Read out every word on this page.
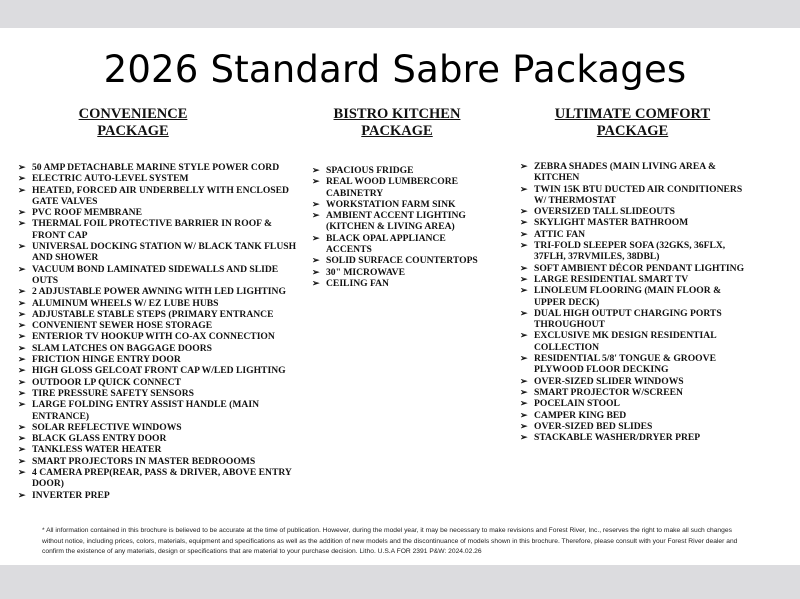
2026 Standard Sabre Packages
CONVENIENCE
PACKAGE
➢ 50 AMP DETACHABLE MARINE STYLE POWER CORD
➢ ELECTRIC AUTO-LEVEL SYSTEM
➢ HEATED, FORCED AIR UNDERBELLY WITH ENCLOSED GATE VALVES
➢ PVC ROOF MEMBRANE
➢ THERMAL FOIL PROTECTIVE BARRIER IN ROOF & FRONT CAP
➢ UNIVERSAL DOCKING STATION W/ BLACK TANK FLUSH AND SHOWER
➢ VACUUM BOND LAMINATED SIDEWALLS AND SLIDE OUTS
➢ 2 ADJUSTABLE POWER AWNING WITH LED LIGHTING
➢ ALUMINUM WHEELS W/ EZ LUBE HUBS
➢ ADJUSTABLE STABLE STEPS (PRIMARY ENTRANCE
➢ CONVENIENT SEWER HOSE STORAGE
➢ ENTERIOR TV HOOKUP WITH CO-AX CONNECTION
➢ SLAM LATCHES ON BAGGAGE DOORS
➢ FRICTION HINGE ENTRY DOOR
➢ HIGH GLOSS GELCOAT FRONT CAP W/LED LIGHTING
➢ OUTDOOR LP QUICK CONNECT
➢ TIRE PRESSURE SAFETY SENSORS
➢ LARGE FOLDING ENTRY ASSIST HANDLE (MAIN ENTRANCE)
➢ SOLAR REFLECTIVE WINDOWS
➢ BLACK GLASS ENTRY DOOR
➢ TANKLESS WATER HEATER
➢ SMART PROJECTORS IN MASTER BEDROOOMS
➢ 4 CAMERA PREP(REAR, PASS & DRIVER, ABOVE ENTRY DOOR)
➢ INVERTER PREP
BISTRO KITCHEN
PACKAGE
➢ SPACIOUS FRIDGE
➢ REAL WOOD LUMBERCORE CABINETRY
➢ WORKSTATION FARM SINK
➢ AMBIENT ACCENT LIGHTING (KITCHEN & LIVING AREA)
➢ BLACK OPAL APPLIANCE ACCENTS
➢ SOLID SURFACE COUNTERTOPS
➢ 30" MICROWAVE
➢ CEILING FAN
ULTIMATE COMFORT
PACKAGE
➢ ZEBRA SHADES (MAIN LIVING AREA & KITCHEN
➢ TWIN 15K BTU DUCTED AIR CONDITIONERS W/ THERMOSTAT
➢ OVERSIZED TALL SLIDEOUTS
➢ SKYLIGHT MASTER BATHROOM
➢ ATTIC FAN
➢ TRI-FOLD SLEEPER SOFA (32GKS, 36FLX, 37FLH, 37RVMILES, 38DBL)
➢ SOFT AMBIENT DÉCOR PENDANT LIGHTING
➢ LARGE RESIDENTIAL SMART TV
➢ LINOLEUM FLOORING (MAIN FLOOR & UPPER DECK)
➢ DUAL HIGH OUTPUT CHARGING PORTS THROUGHOUT
➢ EXCLUSIVE MK DESIGN RESIDENTIAL COLLECTION
➢ RESIDENTIAL 5/8' TONGUE & GROOVE PLYWOOD FLOOR DECKING
➢ OVER-SIZED SLIDER WINDOWS
➢ SMART PROJECTOR W/SCREEN
➢ POCELAIN STOOL
➢ CAMPER KING BED
➢ OVER-SIZED BED SLIDES
➢ STACKABLE WASHER/DRYER PREP
* All information contained in this brochure is believed to be accurate at the time of publication. However, during the model year, it may be necessary to make revisions and Forest River, Inc., reserves the right to make all such changes without notice, including prices, colors, materials, equipment and specifications as well as the addition of new models and the discontinuance of models shown in this brochure. Therefore, please consult with your Forest River dealer and confirm the existence of any materials, design or specifications that are material to your purchase decision. Litho. U.S.A FOR 2391 P&W: 2024.02.26
